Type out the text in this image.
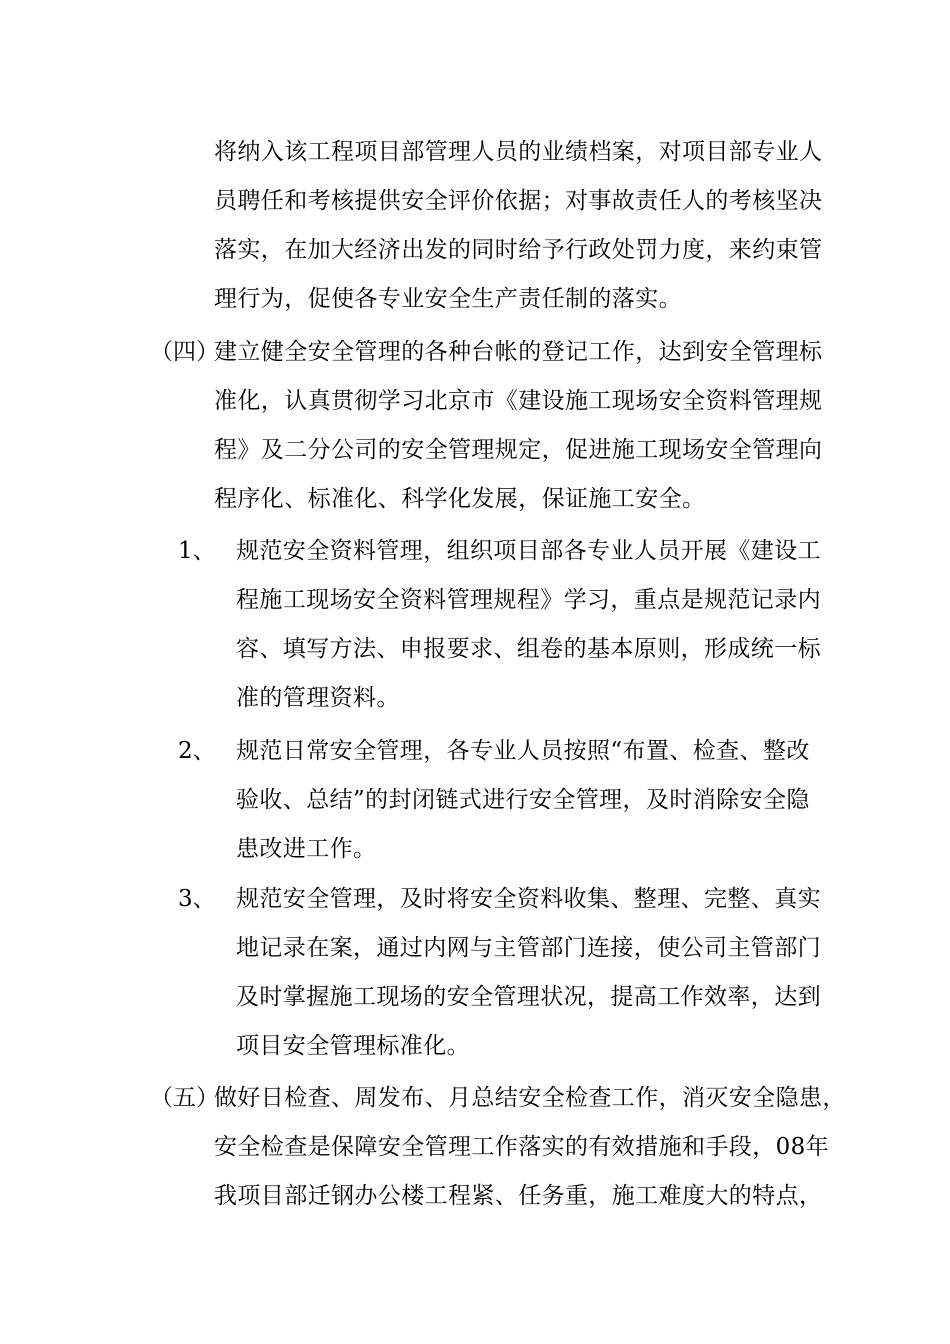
将纳入该工程项目部管理人员的业绩档案，对项目部专业人
员聘任和考核提供安全评价依据；对事故责任人的考核坚决
落实，在加大经济出发的同时给予行政处罚力度，来约束管
理行为，促使各专业安全生产责任制的落实。
（四）
建立健全安全管理的各种台帐的登记工作，达到安全管理标
准化，认真贯彻学习北京市《建设施工现场安全资料管理规
程》及二分公司的安全管理规定，促进施工现场安全管理向
程序化、标准化、科学化发展，保证施工安全。
1、 规范安全资料管理，组织项目部各专业人员开展《建设工
程施工现场安全资料管理规程》学习，重点是规范记录内
容、填写方法、申报要求、组卷的基本原则，形成统一标
准的管理资料。
2、 规范日常安全管理，各专业人员按照“布置、检查、整改
验收、总结”的封闭链式进行安全管理，及时消除安全隐
患改进工作。
3、 规范安全管理，及时将安全资料收集、整理、完整、真实
地记录在案，通过内网与主管部门连接，使公司主管部门
及时掌握施工现场的安全管理状况，提高工作效率，达到
项目安全管理标准化。
（五）
做好日检查、周发布、月总结安全检查工作，消灭安全隐患，
安全检查是保障安全管理工作落实的有效措施和手段，08年
我项目部迁钢办公楼工程紧、任务重，施工难度大的特点，
